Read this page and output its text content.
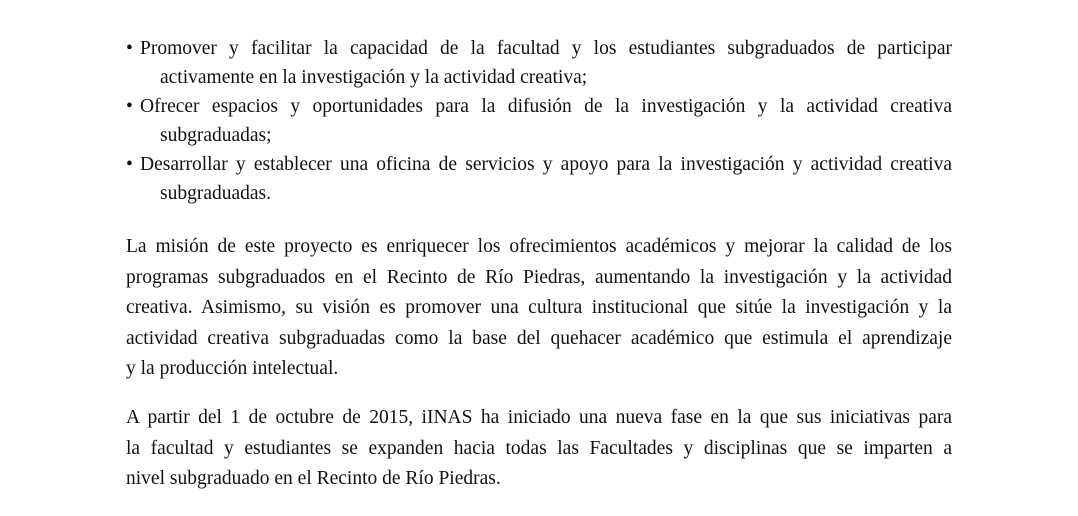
• Promover y facilitar la capacidad de la facultad y los estudiantes subgraduados de participar
activamente en la investigación y la actividad creativa;
• Ofrecer espacios y oportunidades para la difusión de la investigación y la actividad creativa
subgraduadas;
• Desarrollar y establecer una oficina de servicios y apoyo para la investigación y actividad creativa
subgraduadas.

La misión de este proyecto es enriquecer los ofrecimientos académicos y mejorar la calidad de los
programas subgraduados en el Recinto de Río Piedras, aumentando la investigación y la actividad
creativa. Asimismo, su visión es promover una cultura institucional que sitúe la investigación y la
actividad creativa subgraduadas como la base del quehacer académico que estimula el aprendizaje
y la producción intelectual.

A partir del 1 de octubre de 2015, iINAS ha iniciado una nueva fase en la que sus iniciativas para
la facultad y estudiantes se expanden hacia todas las Facultades y disciplinas que se imparten a
nivel subgraduado en el Recinto de Río Piedras.
